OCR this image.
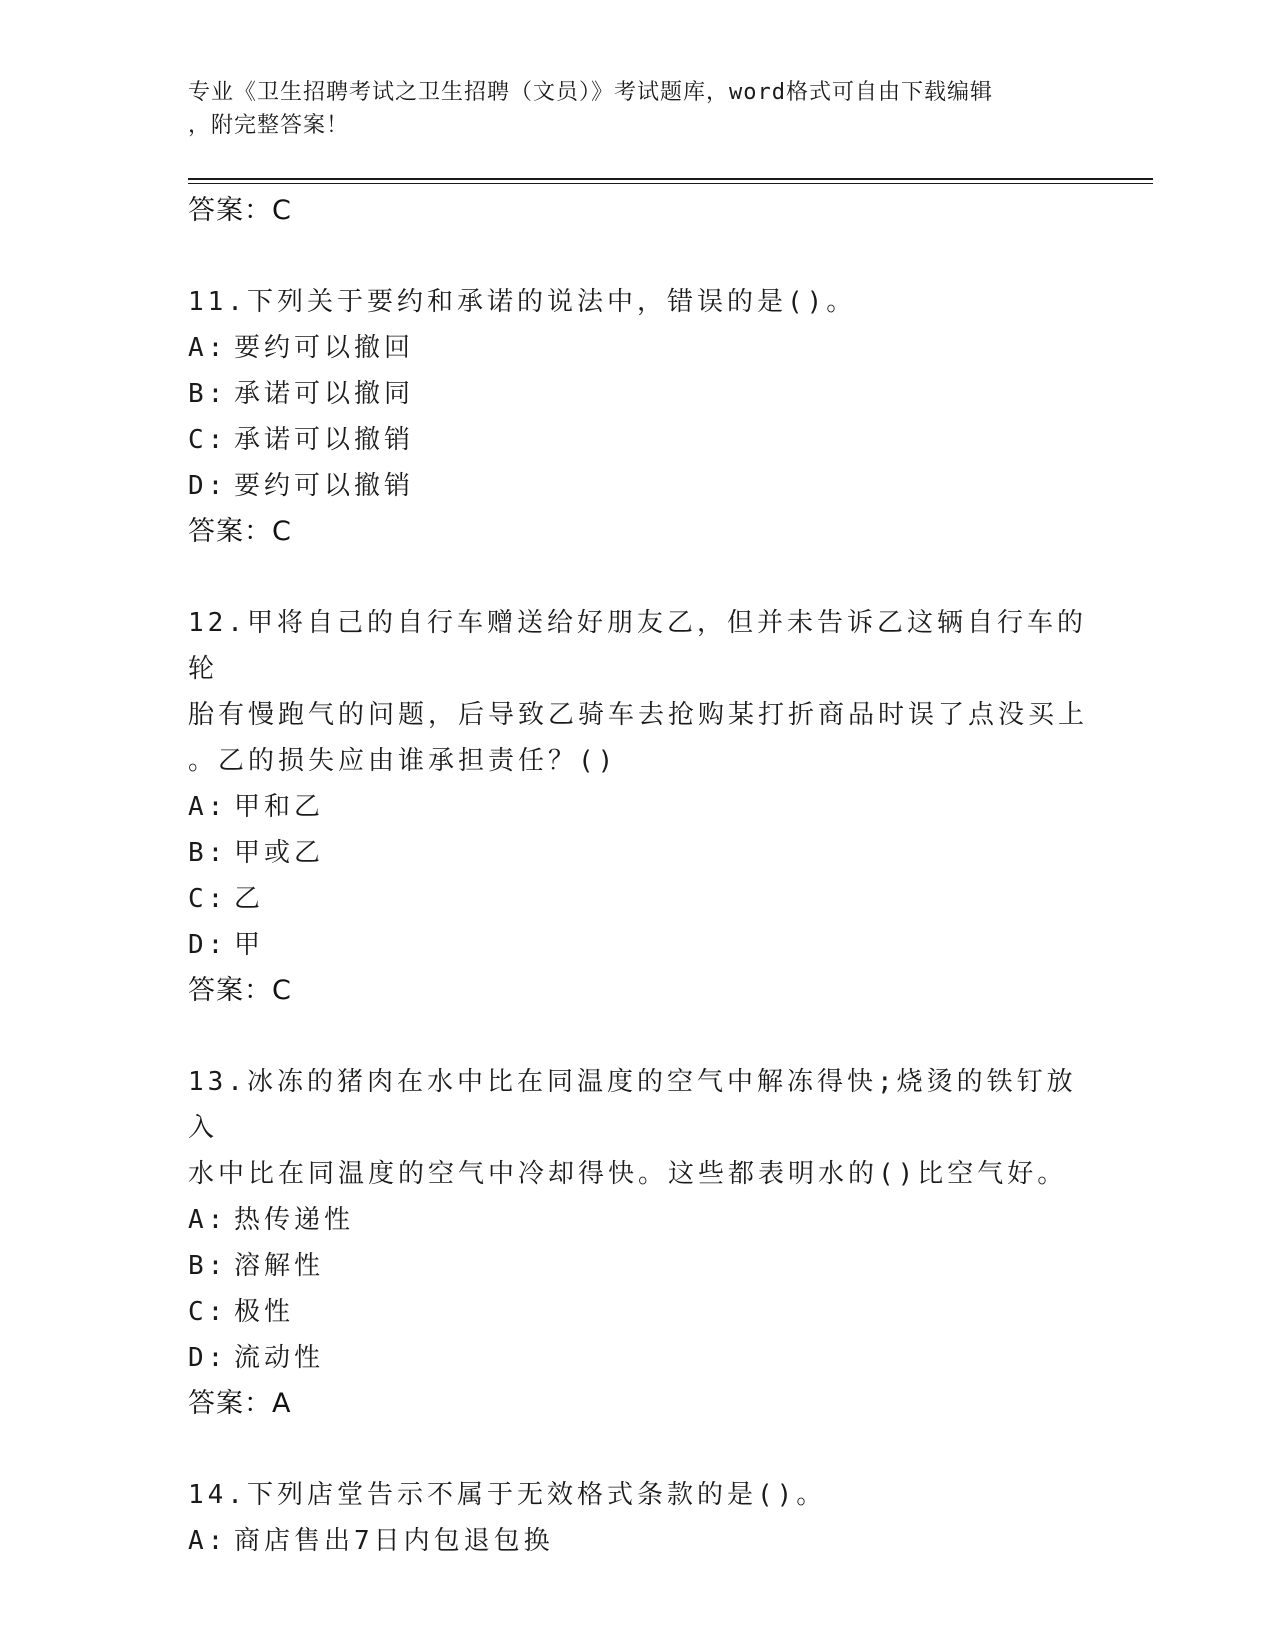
专业《卫生招聘考试之卫生招聘（文员）》考试题库，word格式可自由下载编辑
，附完整答案！
答案：C
11.下列关于要约和承诺的说法中，错误的是()。
A: 要约可以撤回
B: 承诺可以撤同
C: 承诺可以撤销
D: 要约可以撤销
答案：C
12.甲将自己的自行车赠送给好朋友乙，但并未告诉乙这辆自行车的轮
胎有慢跑气的问题，后导致乙骑车去抢购某打折商品时误了点没买上
。乙的损失应由谁承担责任？()
A: 甲和乙
B: 甲或乙
C: 乙
D: 甲
答案：C
13.冰冻的猪肉在水中比在同温度的空气中解冻得快;烧烫的铁钉放入
水中比在同温度的空气中冷却得快。这些都表明水的()比空气好。
A: 热传递性
B: 溶解性
C: 极性
D: 流动性
答案：A
14.下列店堂告示不属于无效格式条款的是()。
A: 商店售出7日内包退包换
